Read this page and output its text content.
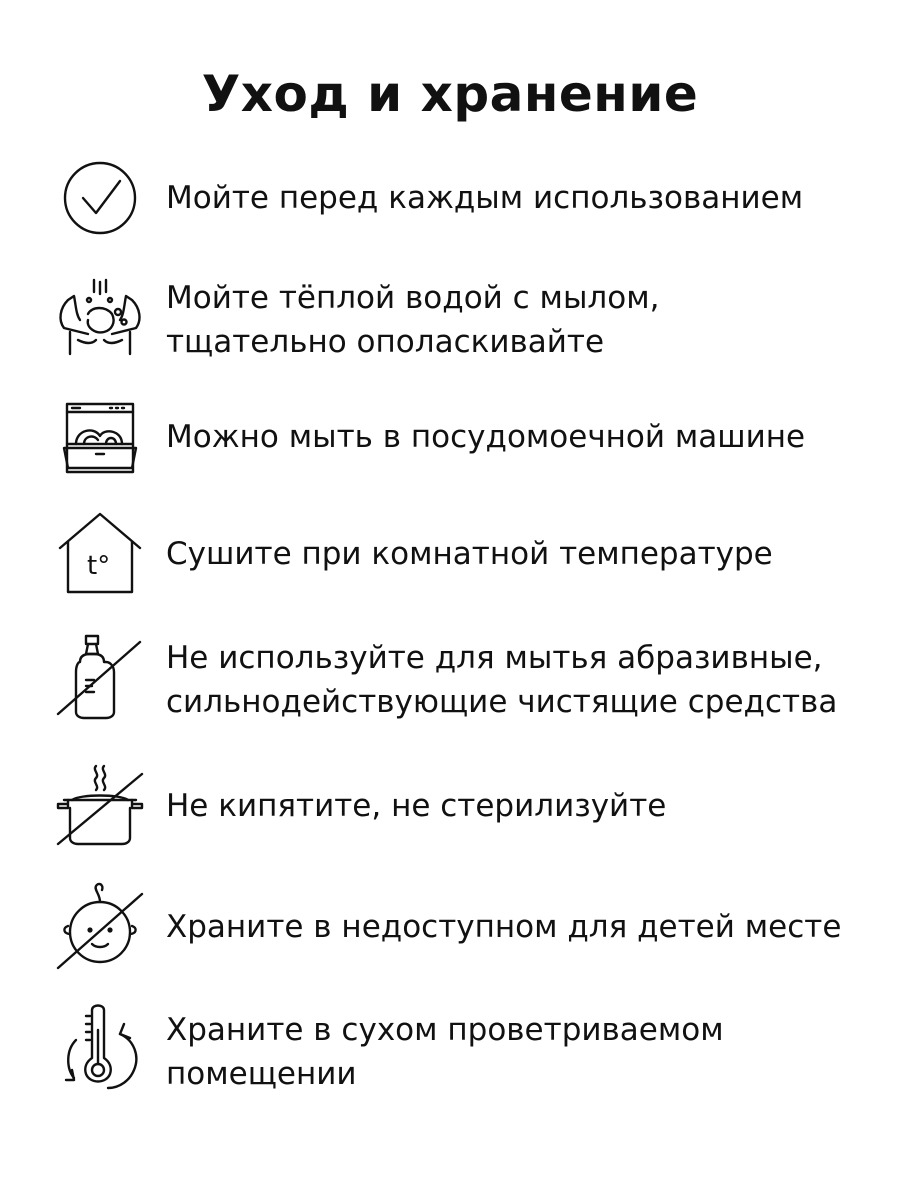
Уход и хранение
Мойте перед каждым использованием
Мойте тёплой водой с мылом,
тщательно ополаскивайте
Можно мыть в посудомоечной машине
t° Сушите при комнатной температуре
Не используйте для мытья абразивные,
сильнодействующие чистящие средства
Не кипятите, не стерилизуйте
Храните в недоступном для детей месте
Храните в сухом проветриваемом
помещении
